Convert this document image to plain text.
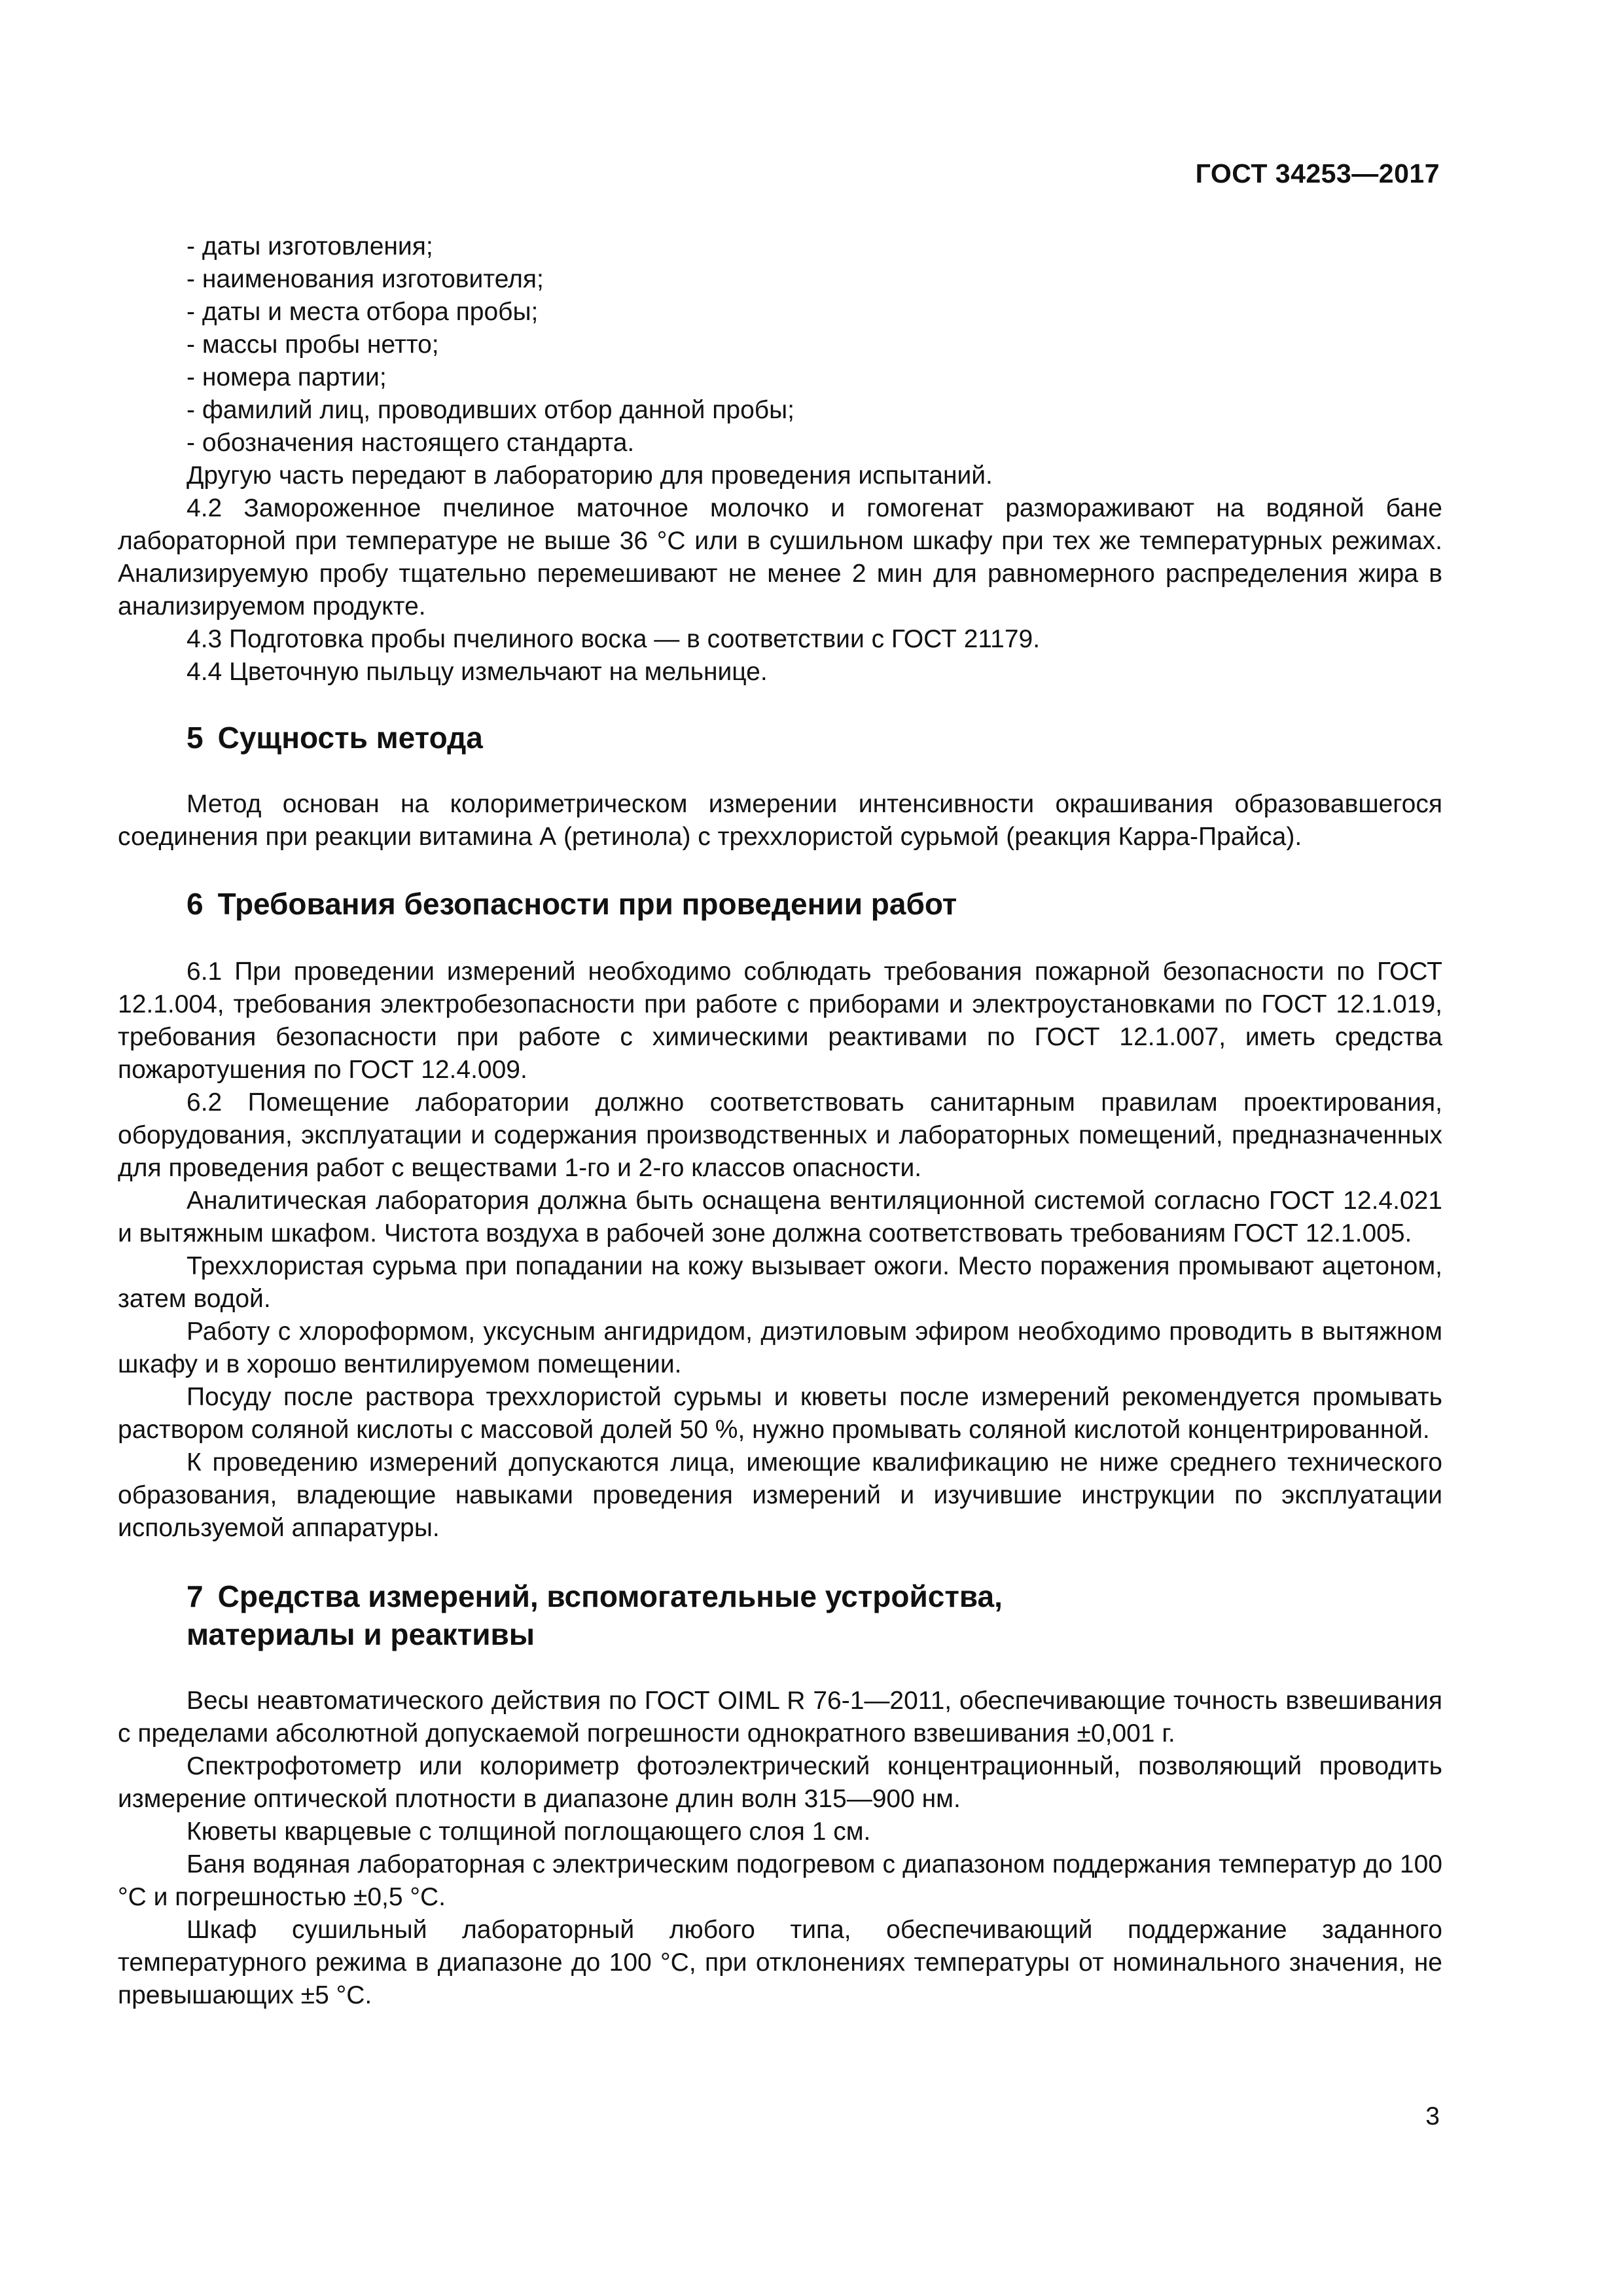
ГОСТ 34253—2017

- даты изготовления;

- наименования изготовителя;

- даты и места отбора пробы;

- массы пробы нетто;

- номера партии;

- фамилий лиц, проводивших отбор данной пробы;

- обозначения настоящего стандарта.

Другую часть передают в лабораторию для проведения испытаний.

4.2 Замороженное пчелиное маточное молочко и гомогенат размораживают на водяной бане лабораторной при температуре не выше 36 °С или в сушильном шкафу при тех же температурных режимах. Анализируемую пробу тщательно перемешивают не менее 2 мин для равномерного распределения жира в анализируемом продукте.

4.3 Подготовка пробы пчелиного воска — в соответствии с ГОСТ 21179.

4.4 Цветочную пыльцу измельчают на мельнице.

5 Сущность метода

Метод основан на колориметрическом измерении интенсивности окрашивания образовавшегося соединения при реакции витамина А (ретинола) с треххлористой сурьмой (реакция Карра-Прайса).

6 Требования безопасности при проведении работ

6.1 При проведении измерений необходимо соблюдать требования пожарной безопасности по ГОСТ 12.1.004, требования электробезопасности при работе с приборами и электроустановками по ГОСТ 12.1.019, требования безопасности при работе с химическими реактивами по ГОСТ 12.1.007, иметь средства пожаротушения по ГОСТ 12.4.009.

6.2 Помещение лаборатории должно соответствовать санитарным правилам проектирования, оборудования, эксплуатации и содержания производственных и лабораторных помещений, предназначенных для проведения работ с веществами 1-го и 2-го классов опасности.

Аналитическая лаборатория должна быть оснащена вентиляционной системой согласно ГОСТ 12.4.021 и вытяжным шкафом. Чистота воздуха в рабочей зоне должна соответствовать требованиям ГОСТ 12.1.005.

Треххлористая сурьма при попадании на кожу вызывает ожоги. Место поражения промывают ацетоном, затем водой.

Работу с хлороформом, уксусным ангидридом, диэтиловым эфиром необходимо проводить в вытяжном шкафу и в хорошо вентилируемом помещении.

Посуду после раствора треххлористой сурьмы и кюветы после измерений рекомендуется промывать раствором соляной кислоты с массовой долей 50 %, нужно промывать соляной кислотой концентрированной.

К проведению измерений допускаются лица, имеющие квалификацию не ниже среднего технического образования, владеющие навыками проведения измерений и изучившие инструкции по эксплуатации используемой аппаратуры.

7 Средства измерений, вспомогательные устройства,
материалы и реактивы

Весы неавтоматического действия по ГОСТ OIML R 76-1—2011, обеспечивающие точность взвешивания с пределами абсолютной допускаемой погрешности однократного взвешивания ±0,001 г.

Спектрофотометр или колориметр фотоэлектрический концентрационный, позволяющий проводить измерение оптической плотности в диапазоне длин волн 315—900 нм.

Кюветы кварцевые с толщиной поглощающего слоя 1 см.

Баня водяная лабораторная с электрическим подогревом с диапазоном поддержания температур до 100 °С и погрешностью ±0,5 °С.

Шкаф сушильный лабораторный любого типа, обеспечивающий поддержание заданного температурного режима в диапазоне до 100 °С, при отклонениях температуры от номинального значения, не превышающих ±5 °С.

3
